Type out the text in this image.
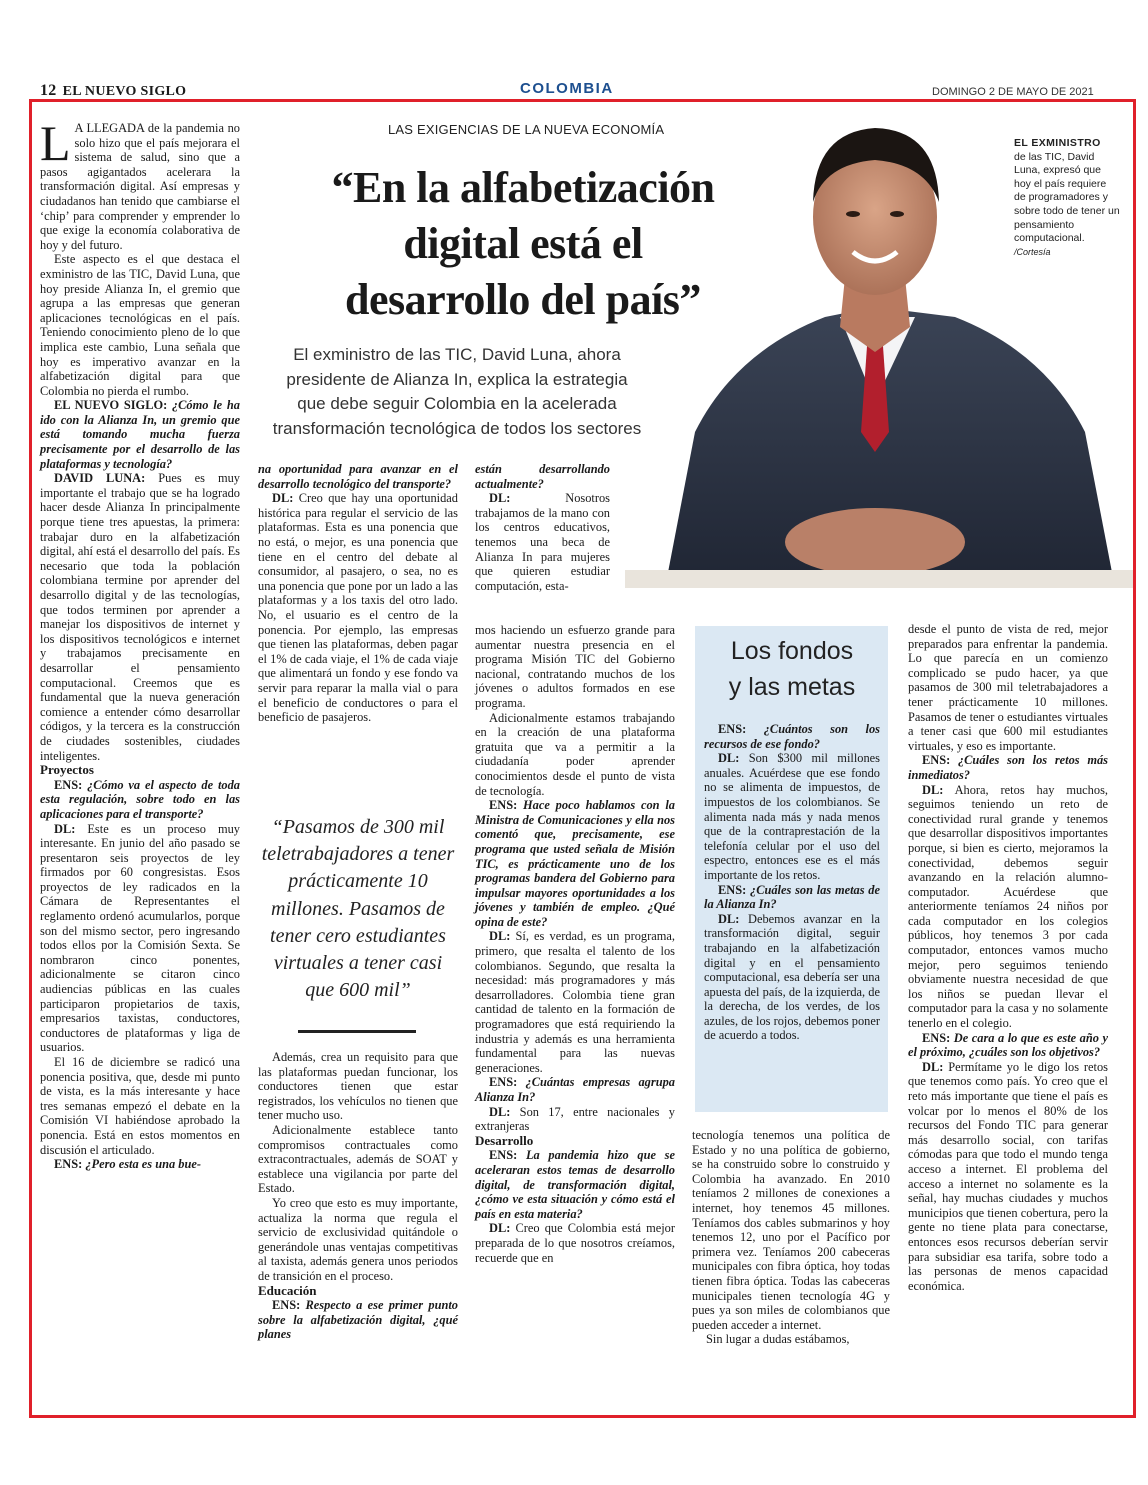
12 EL NUEVO SIGLO	COLOMBIA	DOMINGO 2 DE MAYO DE 2021
EL EXMINISTRO
de las TIC, David Luna, expresó que hoy el país requiere de programadores y sobre todo de tener un pensamiento computacional.
/Cortesía
LAS EXIGENCIAS DE LA NUEVA ECONOMÍA
“En la alfabetización
digital está el
desarrollo del país”
El exministro de las TIC, David Luna, ahora
presidente de Alianza In, explica la estrategia
que debe seguir Colombia en la acelerada
transformación tecnológica de todos los sectores

L A LLEGADA de la pandemia no solo hizo que el país mejorara el sistema de salud, sino que a pasos agigantados acelerara la transformación digital. Así empresas y ciudadanos han tenido que cambiarse el ‘chip’ para comprender y emprender lo que exige la economía colaborativa de hoy y del futuro.

Este aspecto es el que destaca el exministro de las TIC, David Luna, que hoy preside Alianza In, el gremio que agrupa a las empresas que generan aplicaciones tecnológicas en el país. Teniendo conocimiento pleno de lo que implica este cambio, Luna señala que hoy es imperativo avanzar en la alfabetización digital para que Colombia no pierda el rumbo.

EL NUEVO SIGLO: ¿Cómo le ha ido con la Alianza In, un gremio que está tomando mucha fuerza precisamente por el desarrollo de las plataformas y tecnología?

DAVID LUNA: Pues es muy importante el trabajo que se ha logrado hacer desde Alianza In principalmente porque tiene tres apuestas, la primera: trabajar duro en la alfabetización digital, ahí está el desarrollo del país. Es necesario que toda la población colombiana termine por aprender del desarrollo digital y de las tecnologías, que todos terminen por aprender a manejar los dispositivos de internet y los dispositivos tecnológicos e internet y trabajamos precisamente en desarrollar el pensamiento computacional. Creemos que es fundamental que la nueva generación comience a entender cómo desarrollar códigos, y la tercera es la construcción de ciudades sostenibles, ciudades inteligentes.

Proyectos

ENS: ¿Cómo va el aspecto de toda esta regulación, sobre todo en las aplicaciones para el transporte?

DL: Este es un proceso muy interesante. En junio del año pasado se presentaron seis proyectos de ley firmados por 60 congresistas. Esos proyectos de ley radicados en la Cámara de Representantes el reglamento ordenó acumularlos, porque son del mismo sector, pero ingresando todos ellos por la Comisión Sexta. Se nombraron cinco ponentes, adicionalmente se citaron cinco audiencias públicas en las cuales participaron propietarios de taxis, empresarios taxistas, conductores, conductores de plataformas y liga de usuarios.

El 16 de diciembre se radicó una ponencia positiva, que, desde mi punto de vista, es la más interesante y hace tres semanas empezó el debate en la Comisión VI habiéndose aprobado la ponencia. Está en estos momentos en discusión el articulado.

ENS: ¿Pero esta es una bue-

na oportunidad para avanzar en el desarrollo tecnológico del transporte?

DL: Creo que hay una oportunidad histórica para regular el servicio de las plataformas. Esta es una ponencia que no está, o mejor, es una ponencia que tiene en el centro del debate al consumidor, al pasajero, o sea, no es una ponencia que pone por un lado a las plataformas y a los taxis del otro lado. No, el usuario es el centro de la ponencia. Por ejemplo, las empresas que tienen las plataformas, deben pagar el 1% de cada viaje, el 1% de cada viaje que alimentará un fondo y ese fondo va servir para reparar la malla vial o para el beneficio de conductores o para el beneficio de pasajeros.

“Pasamos de 300 mil teletrabajadores a tener prácticamente 10 millones. Pasamos de tener cero estudiantes virtuales a tener casi que 600 mil”

Además, crea un requisito para que las plataformas puedan funcionar, los conductores tienen que estar registrados, los vehículos no tienen que tener mucho uso.

Adicionalmente establece tanto compromisos contractuales como extracontractuales, además de SOAT y establece una vigilancia por parte del Estado.

Yo creo que esto es muy importante, actualiza la norma que regula el servicio de exclusividad quitándole o generándole unas ventajas competitivas al taxista, además genera unos periodos de transición en el proceso.

Educación

ENS: Respecto a ese primer punto sobre la alfabetización digital, ¿qué planes

están desarrollando actualmente?

DL:	Nosotros trabajamos de la mano con los centros educativos, tenemos una beca de Alianza In para mujeres que quieren estudiar computación, esta-

mos haciendo un esfuerzo grande para aumentar nuestra presencia en el programa Misión TIC del Gobierno nacional, contratando muchos de los jóvenes o adultos formados en ese programa.

Adicionalmente estamos trabajando en la creación de una plataforma gratuita que va a permitir a la ciudadanía poder aprender conocimientos desde el punto de vista de tecnología.

ENS: Hace poco hablamos con la Ministra de Comunicaciones y ella nos comentó que, precisamente, ese programa que usted señala de Misión TIC, es prácticamente uno de los programas bandera del Gobierno para impulsar mayores oportunidades a los jóvenes y también de empleo. ¿Qué opina de este?

DL: Sí, es verdad, es un programa, primero, que resalta el talento de los colombianos. Segundo, que resalta la necesidad: más programadores y más desarrolladores. Colombia tiene gran cantidad de talento en la formación de programadores que está requiriendo la industria y además es una herramienta fundamental para las nuevas generaciones.

ENS: ¿Cuántas empresas agrupa Alianza In?

DL: Son 17, entre nacionales y extranjeras

Desarrollo

ENS: La pandemia hizo que se aceleraran estos temas de desarrollo digital, de transformación digital, ¿cómo ve esta situación y cómo está el país en esta materia?

DL: Creo que Colombia está mejor preparada de lo que nosotros creíamos, recuerde que en

Los fondos
y las metas

ENS: ¿Cuántos son los recursos de ese fondo?

DL: Son $300 mil millones anuales. Acuérdese que ese fondo no se alimenta de impuestos, de impuestos de los colombianos. Se alimenta nada más y nada menos que de la contraprestación de la telefonía celular por el uso del espectro, entonces ese es el más importante de los retos.

ENS: ¿Cuáles son las metas de la Alianza In?

DL: Debemos avanzar en la transformación digital, seguir trabajando en la alfabetización digital y en el pensamiento computacional, esa debería ser una apuesta del país, de la izquierda, de la derecha, de los verdes, de los azules, de los rojos, debemos poner de acuerdo a todos.

tecnología tenemos una política de Estado y no una política de gobierno, se ha construido sobre lo construido y Colombia ha avanzado. En 2010 teníamos 2 millones de conexiones a internet, hoy tenemos 45 millones. Teníamos dos cables submarinos y hoy tenemos 12, uno por el Pacífico por primera vez. Teníamos 200 cabeceras municipales con fibra óptica, hoy todas tienen fibra óptica. Todas las cabeceras municipales tienen tecnología 4G y pues ya son miles de colombianos que pueden acceder a internet.

Sin lugar a dudas estábamos,

desde el punto de vista de red, mejor preparados para enfrentar la pandemia. Lo que parecía en un comienzo complicado se pudo hacer, ya que pasamos de 300 mil teletrabajadores a tener prácticamente 10 millones. Pasamos de tener o estudiantes virtuales a tener casi que 600 mil estudiantes virtuales, y eso es importante.

ENS: ¿Cuáles son los retos más inmediatos?

DL: Ahora, retos hay muchos, seguimos teniendo un reto de conectividad rural grande y tenemos que desarrollar dispositivos importantes porque, si bien es cierto, mejoramos la conectividad, debemos seguir avanzando en la relación alumno-computador. Acuérdese que anteriormente teníamos 24 niños por cada computador en los colegios públicos, hoy tenemos 3 por cada computador, entonces vamos mucho mejor, pero seguimos teniendo obviamente nuestra necesidad de que los niños se puedan llevar el computador para la casa y no solamente tenerlo en el colegio.

ENS: De cara a lo que es este año y el próximo, ¿cuáles son los objetivos?

DL: Permítame yo le digo los retos que tenemos como país. Yo creo que el reto más importante que tiene el país es volcar por lo menos el 80% de los recursos del Fondo TIC para generar más desarrollo social, con tarifas cómodas para que todo el mundo tenga acceso a internet. El problema del acceso a internet no solamente es la señal, hay muchas ciudades y muchos municipios que tienen cobertura, pero la gente no tiene plata para conectarse, entonces esos recursos deberían servir para subsidiar esa tarifa, sobre todo a las personas de menos capacidad económica.
